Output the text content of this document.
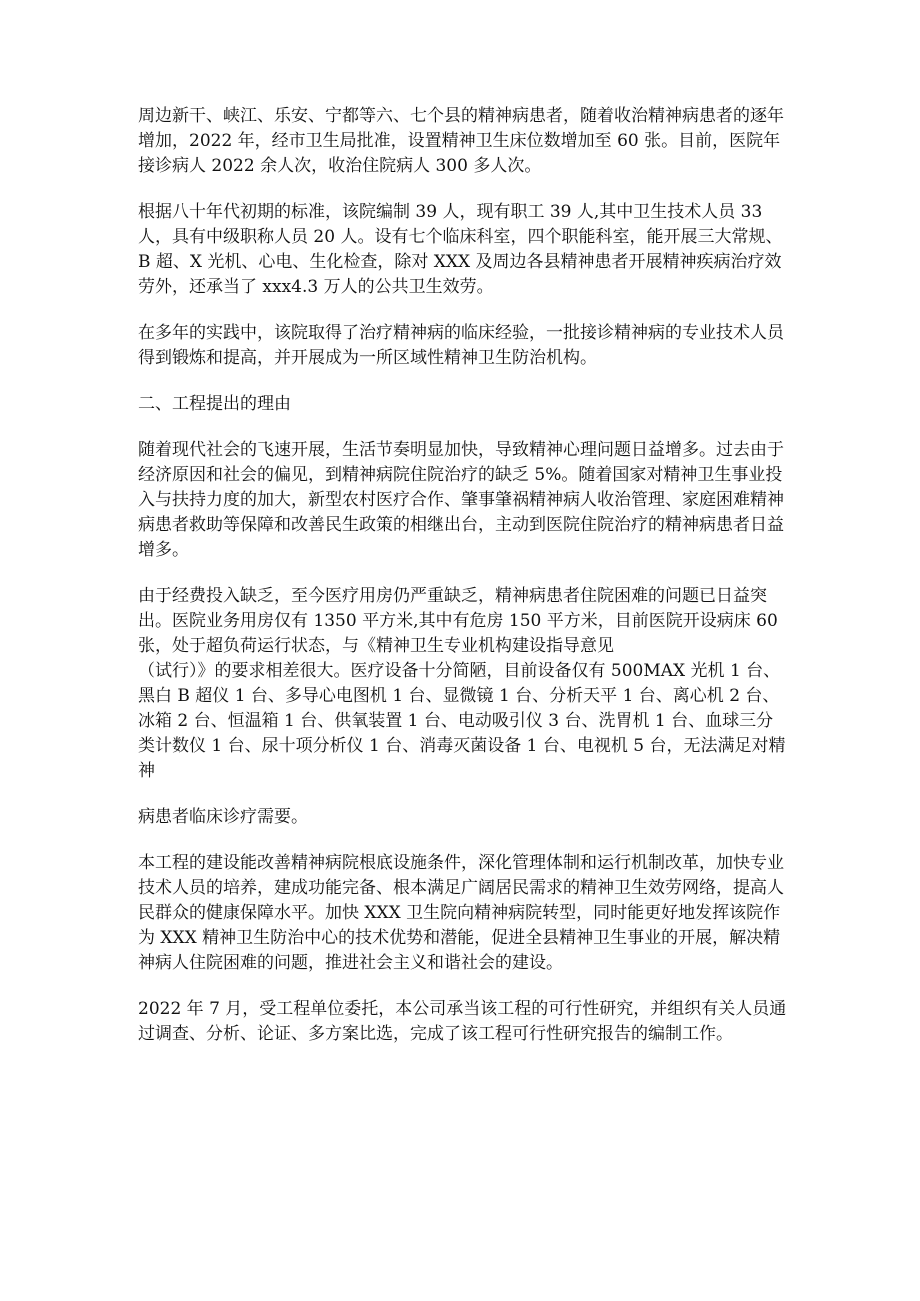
周边新干、峡江、乐安、宁都等六、七个县的精神病患者，随着收治精神病患者的逐年增加，2022 年，经市卫生局批准，设置精神卫生床位数增加至 60 张。目前，医院年接诊病人 2022 余人次，收治住院病人 300 多人次。

根据八十年代初期的标准，该院编制 39 人，现有职工 39 人,其中卫生技术人员 33 人，具有中级职称人员 20 人。设有七个临床科室，四个职能科室，能开展三大常规、B 超、X 光机、心电、生化检查，除对 XXX 及周边各县精神患者开展精神疾病治疗效劳外，还承当了 xxx4.3 万人的公共卫生效劳。

在多年的实践中，该院取得了治疗精神病的临床经验，一批接诊精神病的专业技术人员得到锻炼和提高，并开展成为一所区域性精神卫生防治机构。

二、工程提出的理由

随着现代社会的飞速开展，生活节奏明显加快，导致精神心理问题日益增多。过去由于经济原因和社会的偏见，到精神病院住院治疗的缺乏 5%。随着国家对精神卫生事业投入与扶持力度的加大，新型农村医疗合作、肇事肇祸精神病人收治管理、家庭困难精神病患者救助等保障和改善民生政策的相继出台，主动到医院住院治疗的精神病患者日益增多。

由于经费投入缺乏，至今医疗用房仍严重缺乏，精神病患者住院困难的问题已日益突出。医院业务用房仅有 1350 平方米,其中有危房 150 平方米，目前医院开设病床 60 张，处于超负荷运行状态，与《精神卫生专业机构建设指导意见
（试行）》的要求相差很大。医疗设备十分简陋，目前设备仅有 500MAX 光机 1 台、黑白 B 超仪 1 台、多导心电图机 1 台、显微镜 1 台、分析天平 1 台、离心机 2 台、冰箱 2 台、恒温箱 1 台、供氧装置 1 台、电动吸引仪 3 台、洗胃机 1 台、血球三分类计数仪 1 台、尿十项分析仪 1 台、消毒灭菌设备 1 台、电视机 5 台，无法满足对精神

病患者临床诊疗需要。

本工程的建设能改善精神病院根底设施条件，深化管理体制和运行机制改革，加快专业技术人员的培养，建成功能完备、根本满足广阔居民需求的精神卫生效劳网络，提高人民群众的健康保障水平。加快 XXX 卫生院向精神病院转型，同时能更好地发挥该院作为 XXX 精神卫生防治中心的技术优势和潜能，促进全县精神卫生事业的开展，解决精神病人住院困难的问题，推进社会主义和谐社会的建设。

2022 年 7 月，受工程单位委托，本公司承当该工程的可行性研究，并组织有关人员通过调查、分析、论证、多方案比选，完成了该工程可行性研究报告的编制工作。
